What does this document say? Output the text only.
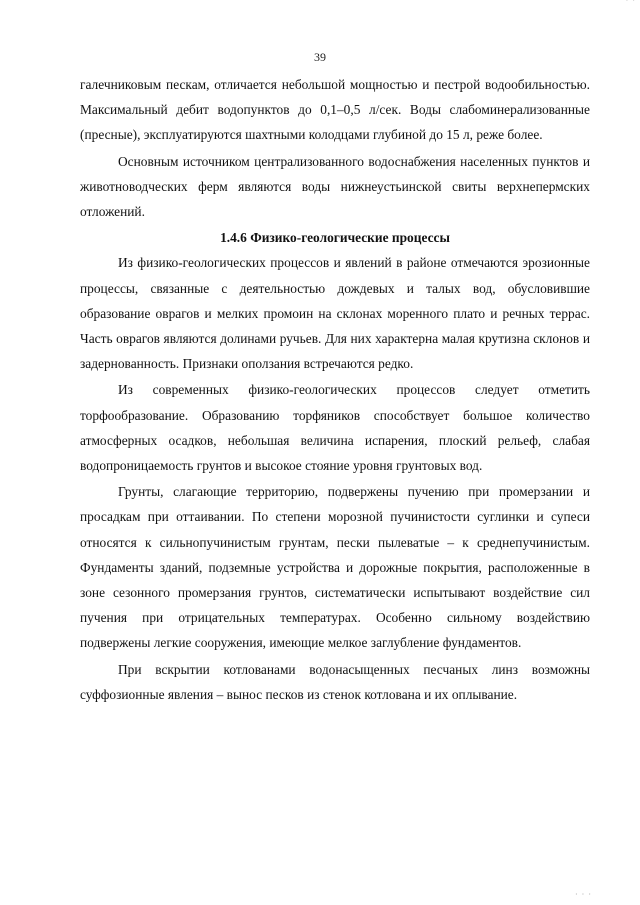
· ·
39

галечниковым пескам, отличается небольшой мощностью и пестрой водообильностью. Максимальный дебит водопунктов до 0,1–0,5 л/сек. Воды слабоминерализованные (пресные), эксплуатируются шахтными колодцами глубиной до 15 л, реже более.

Основным источником централизованного водоснабжения населенных пунктов и животноводческих ферм являются воды нижнеустьинской свиты верхнепермских отложений.

1.4.6 Физико-геологические процессы

Из физико-геологических процессов и явлений в районе отмечаются эрозионные процессы, связанные с деятельностью дождевых и талых вод, обусловившие образование оврагов и мелких промоин на склонах моренного плато и речных террас. Часть оврагов являются долинами ручьев. Для них характерна малая крутизна склонов и задернованность. Признаки оползания встречаются редко.

Из современных физико-геологических процессов следует отметить торфообразование. Образованию торфяников способствует большое количество атмосферных осадков, небольшая величина испарения, плоский рельеф, слабая водопроницаемость грунтов и высокое стояние уровня грунтовых вод.

Грунты, слагающие территорию, подвержены пучению при промерзании и просадкам при оттаивании. По степени морозной пучинистости суглинки и супеси относятся к сильнопучинистым грунтам, пески пылеватые – к среднепучинистым. Фундаменты зданий, подземные устройства и дорожные покрытия, расположенные в зоне сезонного промерзания грунтов, систематически испытывают воздействие сил пучения при отрицательных температурах. Особенно сильному воздействию подвержены легкие сооружения, имеющие мелкое заглубление фундаментов.

При вскрытии котлованами водонасыщенных песчаных линз возможны суффозионные явления – вынос песков из стенок котлована и их оплывание.

· · ·
